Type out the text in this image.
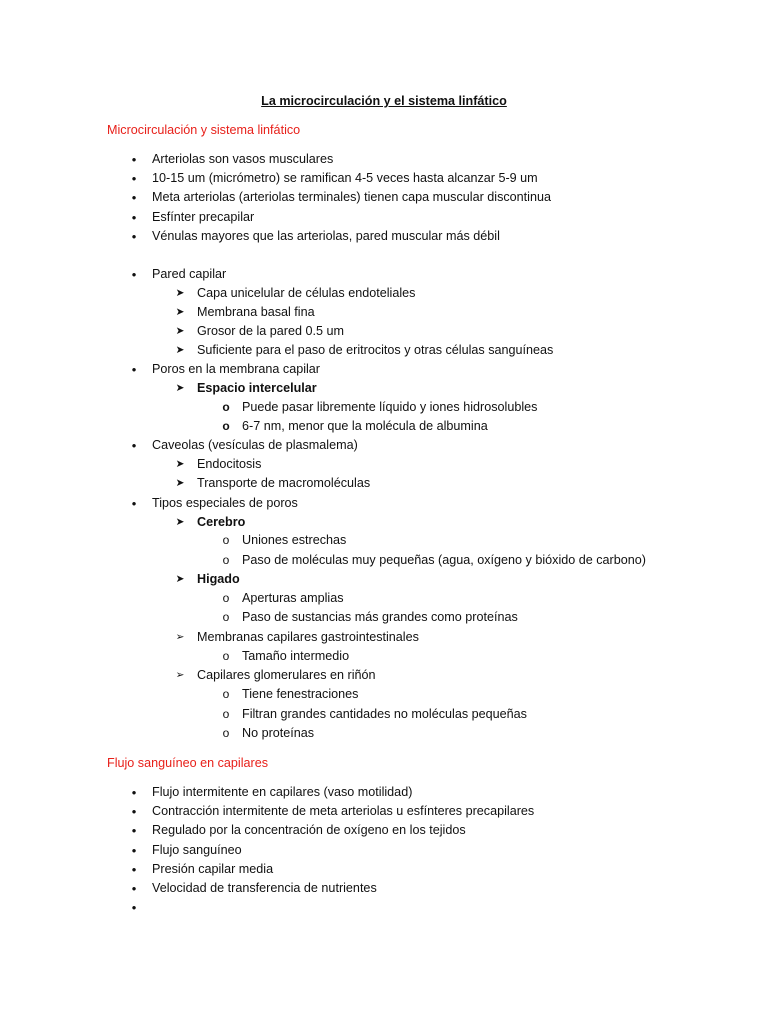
La microcirculación y el sistema linfático
Microcirculación y sistema linfático
•	Arteriolas son vasos musculares
•	10-15 um (micrómetro) se ramifican 4-5 veces hasta alcanzar 5-9 um
•	Meta arteriolas (arteriolas terminales) tienen capa muscular discontinua
•	Esfínter precapilar
•	Vénulas mayores que las arteriolas, pared muscular más débil
•	Pared capilar
➤ Capa unicelular de células endoteliales
➤ Membrana basal fina
➤ Grosor de la pared 0.5 um
➤ Suficiente para el paso de eritrocitos y otras células sanguíneas
•	Poros en la membrana capilar
➤ Espacio intercelular
o Puede pasar libremente líquido y iones hidrosolubles
o 6-7 nm, menor que la molécula de albumina
•	Caveolas (vesículas de plasmalema)
➤ Endocitosis
➤ Transporte de macromoléculas
•	Tipos especiales de poros
➤ Cerebro
o	Uniones estrechas
o	Paso de moléculas muy pequeñas (agua, oxígeno y bióxido de carbono)
➤ Higado
o	Aperturas amplias
o	Paso de sustancias más grandes como proteínas
➢ Membranas capilares gastrointestinales
o	Tamaño intermedio
➢ Capilares glomerulares en riñón
o	Tiene fenestraciones
o	Filtran grandes cantidades no moléculas pequeñas
o	No proteínas
Flujo sanguíneo en capilares
•	Flujo intermitente en capilares (vaso motilidad)
•	Contracción intermitente de meta arteriolas u esfínteres precapilares
•	Regulado por la concentración de oxígeno en los tejidos
•	Flujo sanguíneo
•	Presión capilar media
•	Velocidad de transferencia de nutrientes
•
